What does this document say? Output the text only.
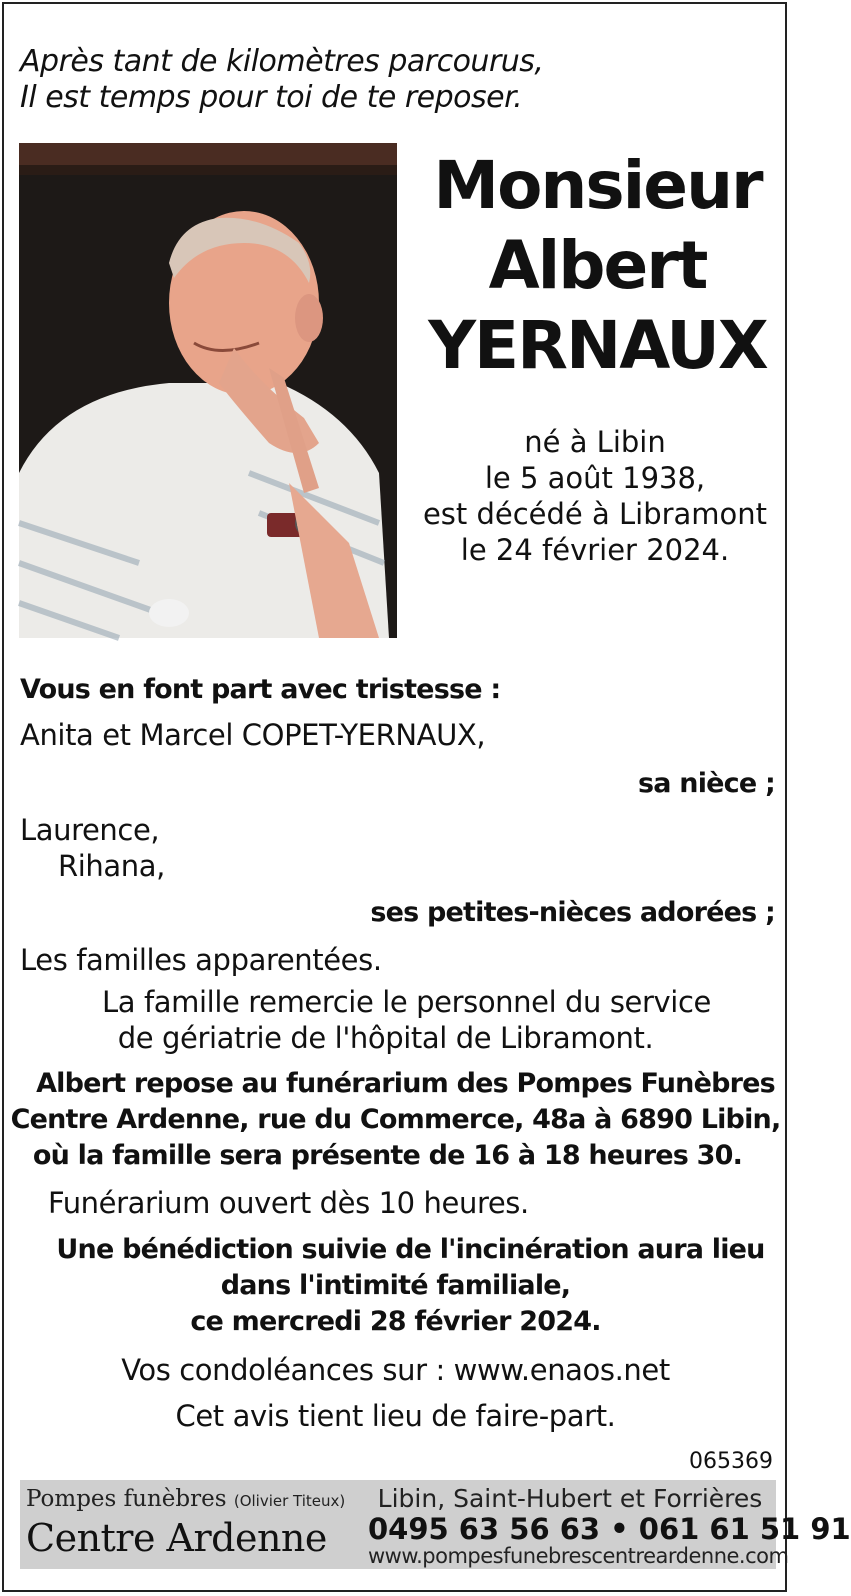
Après tant de kilomètres parcourus,
Il est temps pour toi de te reposer.
Monsieur
Albert
YERNAUX
né à Libin
le 5 août 1938,
est décédé à Libramont
le 24 février 2024.
Vous en font part avec tristesse :
Anita et Marcel COPET-YERNAUX,
sa nièce ;
Laurence,
Rihana,
ses petites-nièces adorées ;
Les familles apparentées.
La famille remercie le personnel du service
de gériatrie de l'hôpital de Libramont.
Albert repose au funérarium des Pompes Funèbres
Centre Ardenne, rue du Commerce, 48a à 6890 Libin,
où la famille sera présente de 16 à 18 heures 30.
Funérarium ouvert dès 10 heures.
Une bénédiction suivie de l'incinération aura lieu
dans l'intimité familiale,
ce mercredi 28 février 2024.
Vos condoléances sur : www.enaos.net
Cet avis tient lieu de faire-part.
065369
Pompes funèbres (Olivier Titeux)
Centre Ardenne
Libin, Saint-Hubert et Forrières
0495 63 56 63 • 061 61 51 91
www.pompesfunebrescentreardenne.com
